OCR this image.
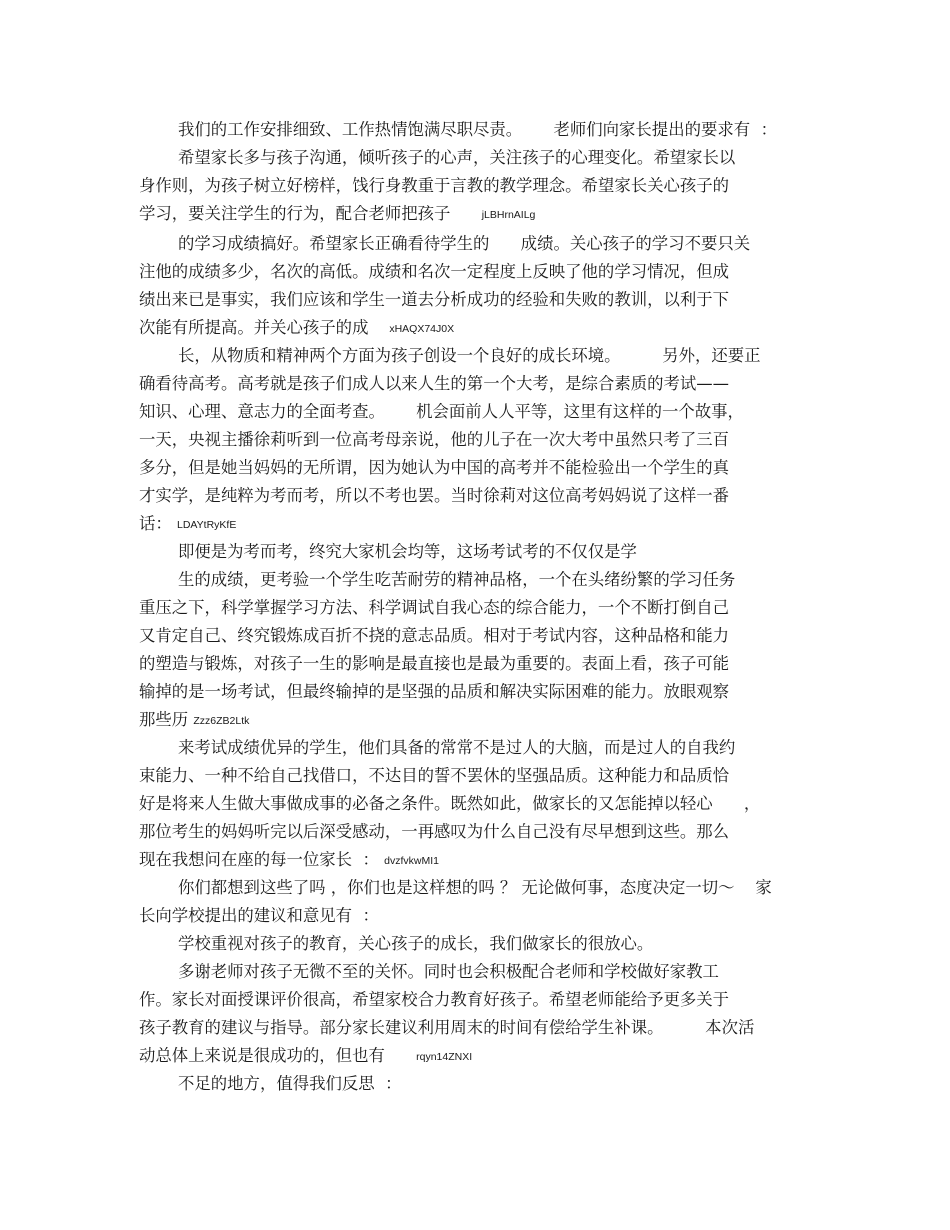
我们的工作安排细致、工作热情饱满尽职尽责。      老师们向家长提出的要求有  ：
希望家长多与孩子沟通，倾听孩子的心声，关注孩子的心理变化。希望家长以
身作则，为孩子树立好榜样，饯行身教重于言教的教学理念。希望家长关心孩子的
学习，要关注学生的行为，配合老师把孩子	jLBHrnAILg
的学习成绩搞好。希望家长正确看待学生的      成绩。关心孩子的学习不要只关
注他的成绩多少，名次的高低。成绩和名次一定程度上反映了他的学习情况，但成
绩出来已是事实，我们应该和学生一道去分析成功的经验和失败的教训，以利于下
次能有所提高。并关心孩子的成 xHAQX74J0X
长，从物质和精神两个方面为孩子创设一个良好的成长环境。        另外，还要正
确看待高考。高考就是孩子们成人以来人生的第一个大考，是综合素质的考试——
知识、心理、意志力的全面考查。      机会面前人人平等，这里有这样的一个故事，
一天，央视主播徐莉听到一位高考母亲说，他的儿子在一次大考中虽然只考了三百
多分，但是她当妈妈的无所谓，因为她认为中国的高考并不能检验出一个学生的真
才实学，是纯粹为考而考，所以不考也罢。当时徐莉对这位高考妈妈说了这样一番
话： LDAYtRyKfE
即便是为考而考，终究大家机会均等，这场考试考的不仅仅是学
生的成绩，更考验一个学生吃苦耐劳的精神品格，一个在头绪纷繁的学习任务
重压之下，科学掌握学习方法、科学调试自我心态的综合能力，一个不断打倒自己
又肯定自己、终究锻炼成百折不挠的意志品质。相对于考试内容，这种品格和能力
的塑造与锻炼，对孩子一生的影响是最直接也是最为重要的。表面上看，孩子可能
输掉的是一场考试，但最终输掉的是坚强的品质和解决实际困难的能力。放眼观察
那些历 Zzz6ZB2Ltk
来考试成绩优异的学生，他们具备的常常不是过人的大脑，而是过人的自我约
束能力、一种不给自己找借口，不达目的誓不罢休的坚强品质。这种能力和品质恰
好是将来人生做大事做成事的必备之条件。既然如此，做家长的又怎能掉以轻心      ，
那位考生的妈妈听完以后深受感动，一再感叹为什么自己没有尽早想到这些。那么
现在我想问在座的每一位家长  ： dvzfvkwMI1
你们都想到这些了吗 ，你们也是这样想的吗 ？ 无论做何事，态度决定一切～    家
长向学校提出的建议和意见有  ：
学校重视对孩子的教育，关心孩子的成长，我们做家长的很放心。
多谢老师对孩子无微不至的关怀。同时也会积极配合老师和学校做好家教工
作。家长对面授课评价很高，希望家校合力教育好孩子。希望老师能给予更多关于
孩子教育的建议与指导。部分家长建议利用周末的时间有偿给学生补课。        本次活
动总体上来说是很成功的，但也有	rqyn14ZNXI
不足的地方，值得我们反思  ：
